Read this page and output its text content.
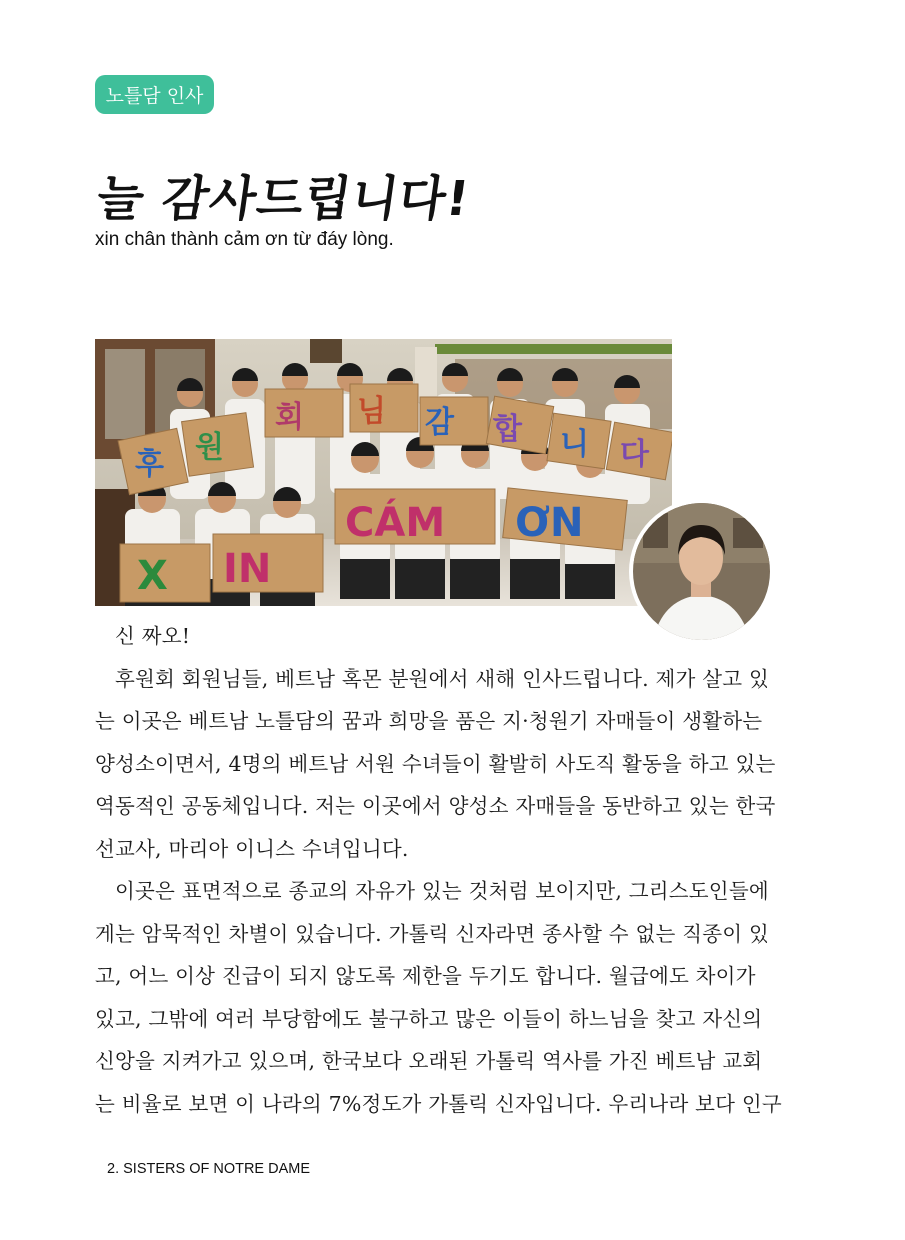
노틀담 인사
늘 감사드립니다!
xin chân thành cảm ơn từ đáy lòng.
후 원
회 님 감 합 니 다
X IN
CÁM ƠN

신 짜오!

후원회 회원님들, 베트남 혹몬 분원에서 새해 인사드립니다. 제가 살고 있

는 이곳은 베트남 노틀담의 꿈과 희망을 품은 지·청원기 자매들이 생활하는

양성소이면서, 4명의 베트남 서원 수녀들이 활발히 사도직 활동을 하고 있는

역동적인 공동체입니다. 저는 이곳에서 양성소 자매들을 동반하고 있는 한국

선교사, 마리아 이니스 수녀입니다.

이곳은 표면적으로 종교의 자유가 있는 것처럼 보이지만, 그리스도인들에

게는 암묵적인 차별이 있습니다. 가톨릭 신자라면 종사할 수 없는 직종이 있

고, 어느 이상 진급이 되지 않도록 제한을 두기도 합니다. 월급에도 차이가

있고, 그밖에 여러 부당함에도 불구하고 많은 이들이 하느님을 찾고 자신의

신앙을 지켜가고 있으며, 한국보다 오래된 가톨릭 역사를 가진 베트남 교회

는 비율로 보면 이 나라의 7%정도가 가톨릭 신자입니다. 우리나라 보다 인구

2. SISTERS OF NOTRE DAME
